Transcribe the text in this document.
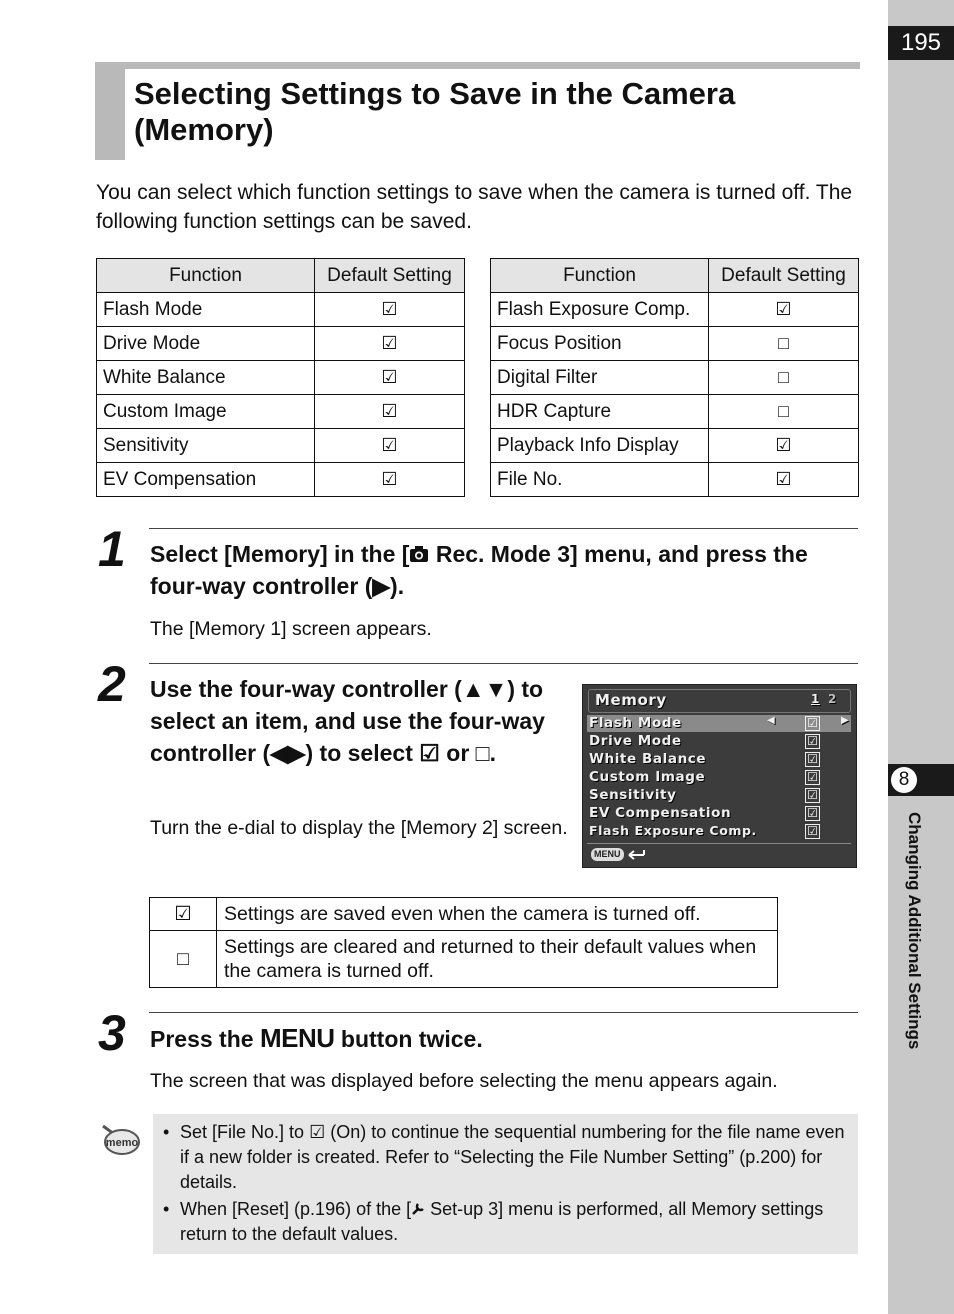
195
8
Changing Additional Settings
Selecting Settings to Save in the Camera (Memory)

You can select which function settings to save when the camera is turned off. The following function settings can be saved.

Function	Default Setting
Flash Mode	☑
Drive Mode	☑
White Balance	☑
Custom Image	☑
Sensitivity	☑
EV Compensation	☑
Function	Default Setting
Flash Exposure Comp.	☑
Focus Position	□
Digital Filter	□
HDR Capture	□
Playback Info Display	☑
File No.	☑
1 Select [Memory] in the [ Rec. Mode 3] menu, and press the four-way controller (▶).

The [Memory 1] screen appears.

2 Use the four-way controller (▲▼) to select an item, and use the four-way controller (◀▶) to select ☑ or □.

Turn the e-dial to display the [Memory 2] screen.

Memory	1 2
Flash Mode	◀	☑ ▶
Drive Mode	☑
White Balance	☑
Custom Image	☑
Sensitivity	☑
EV Compensation	☑
Flash Exposure Comp.	☑
MENU
☑	Settings are saved even when the camera is turned off.
□	Settings are cleared and returned to their default values when the camera is turned off.
3 Press the MENU button twice.

The screen that was displayed before selecting the menu appears again.

memo
• Set [File No.] to ☑ (On) to continue the sequential numbering for the file name even if a new folder is created. Refer to “Selecting the File Number Setting” (p.200) for details.
• When [Reset] (p.196) of the [ Set-up 3] menu is performed, all Memory settings return to the default values.
